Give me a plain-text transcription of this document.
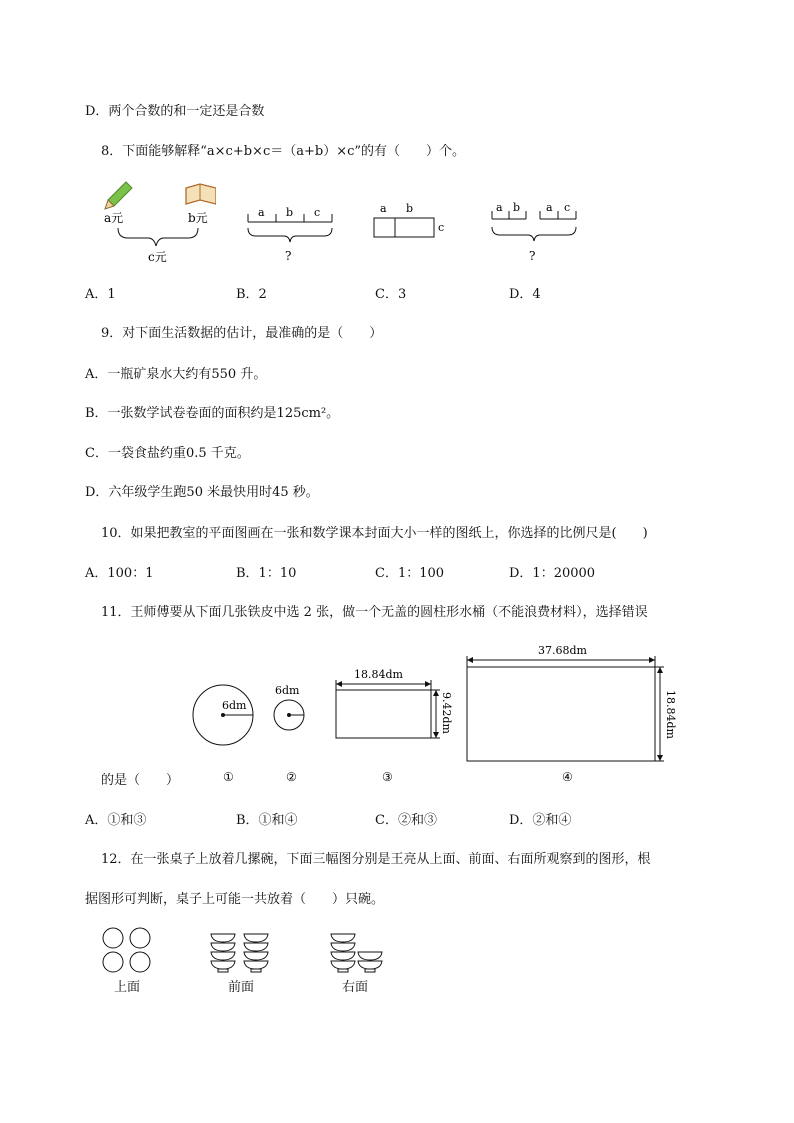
D．两个合数的和一定还是合数
8．下面能够解释“a×c+b×c＝（a+b）×c”的有（　　）个。
a元	b元
c元
a b c
?
a b
c
a b a c
?
A．1	B．2	C．3	D．4
9．对下面生活数据的估计，最准确的是（　　）
A．一瓶矿泉水大约有550 升。
B．一张数学试卷卷面的面积约是125cm²。
C．一袋食盐约重0.5 千克。
D．六年级学生跑50 米最快用时45 秒。
10．如果把教室的平面图画在一张和数学课本封面大小一样的图纸上，你选择的比例尺是(　　)
A．100：1	B．1：10	C．1：100	D．1：20000
11．王师傅要从下面几张铁皮中选 2 张，做一个无盖的圆柱形水桶（不能浪费材料），选择错误
6dm
6dm
18.84dm
9.42dm
37.68dm
18.84dm
①	②	③	④
的是（　　）
A．①和③	B．①和④	C．②和③	D．②和④
12．在一张桌子上放着几摞碗，下面三幅图分别是王亮从上面、前面、右面所观察到的图形，根
据图形可判断，桌子上可能一共放着（　　）只碗。
上面	前面	右面
